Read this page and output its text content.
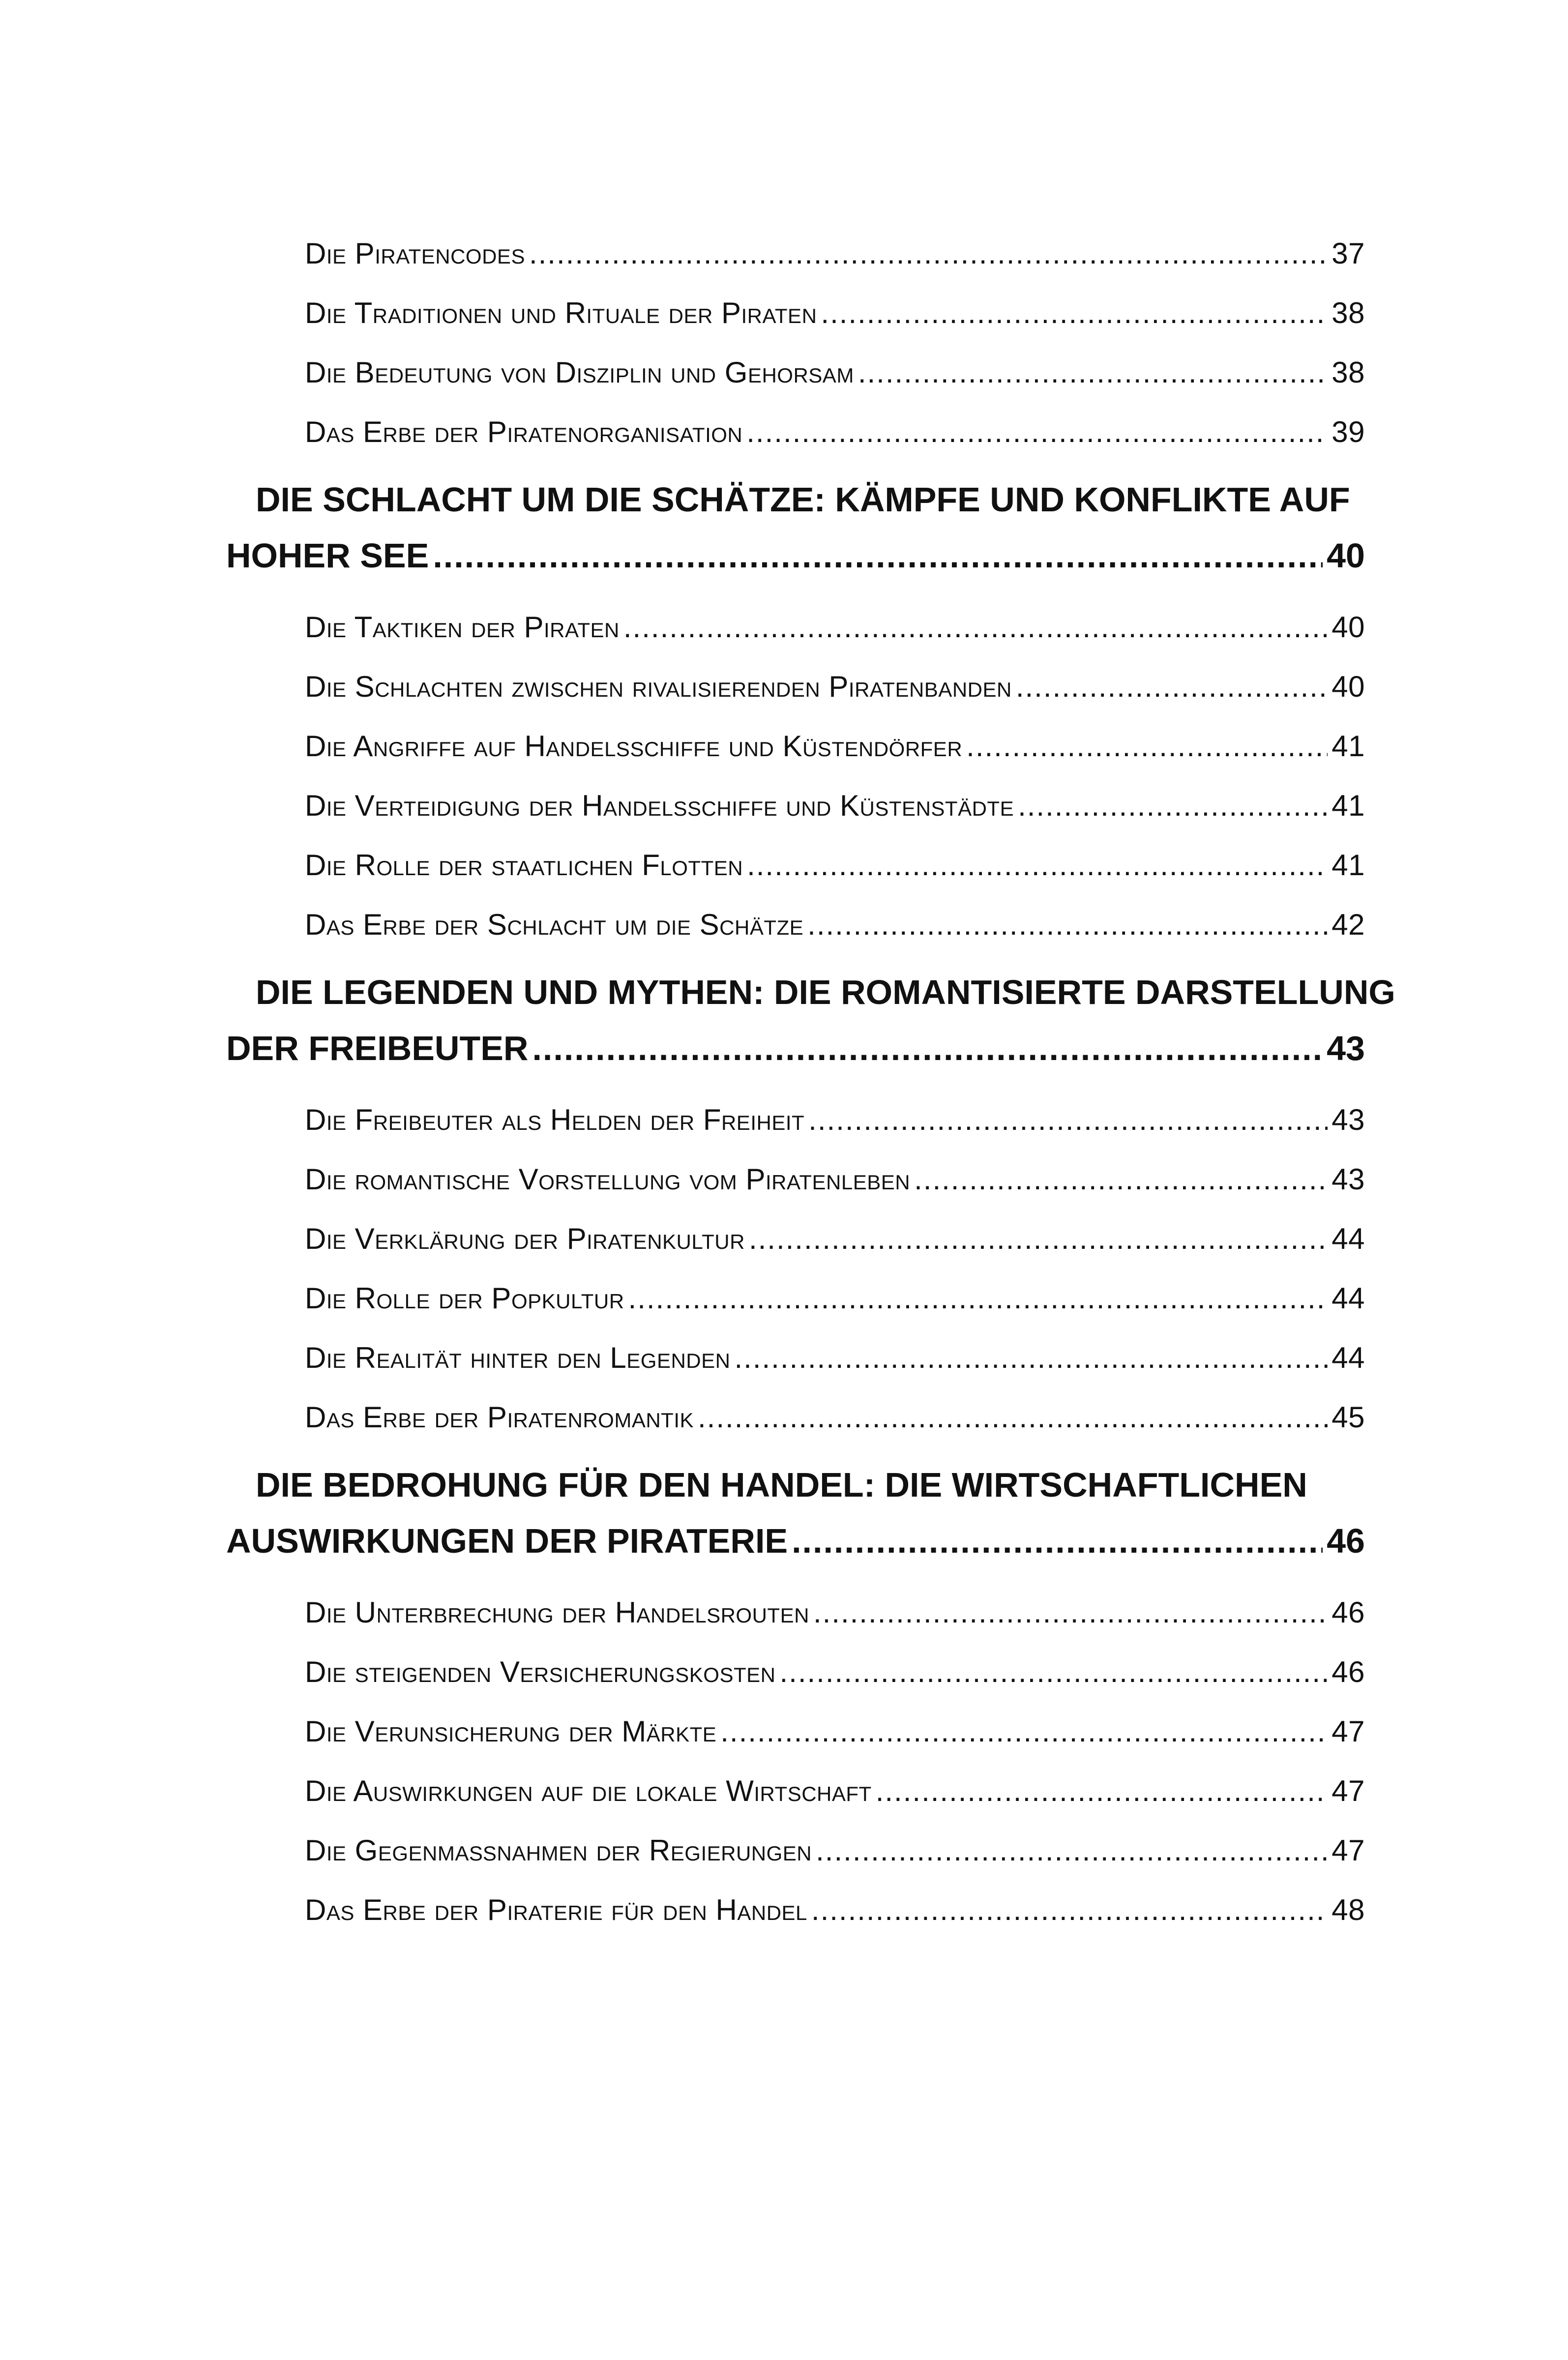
Die Piratencodes .....	37
Die Traditionen und Rituale der Piraten .....	38
Die Bedeutung von Disziplin und Gehorsam .....	38
Das Erbe der Piratenorganisation .....	39
DIE SCHLACHT UM DIE SCHÄTZE: KÄMPFE UND KONFLIKTE AUF
HOHER SEE .....	40
Die Taktiken der Piraten .....	40
Die Schlachten zwischen rivalisierenden Piratenbanden .....	40
Die Angriffe auf Handelsschiffe und Küstendörfer .....	41
Die Verteidigung der Handelsschiffe und Küstenstädte .....	41
Die Rolle der staatlichen Flotten .....	41
Das Erbe der Schlacht um die Schätze .....	42
DIE LEGENDEN UND MYTHEN: DIE ROMANTISIERTE DARSTELLUNG
DER FREIBEUTER .....	43
Die Freibeuter als Helden der Freiheit .....	43
Die romantische Vorstellung vom Piratenleben .....	43
Die Verklärung der Piratenkultur .....	44
Die Rolle der Popkultur .....	44
Die Realität hinter den Legenden .....	44
Das Erbe der Piratenromantik .....	45
DIE BEDROHUNG FÜR DEN HANDEL: DIE WIRTSCHAFTLICHEN
AUSWIRKUNGEN DER PIRATERIE .....	46
Die Unterbrechung der Handelsrouten .....	46
Die steigenden Versicherungskosten .....	46
Die Verunsicherung der Märkte .....	47
Die Auswirkungen auf die lokale Wirtschaft .....	47
Die Gegenmaßnahmen der Regierungen .....	47
Das Erbe der Piraterie für den Handel .....	48
